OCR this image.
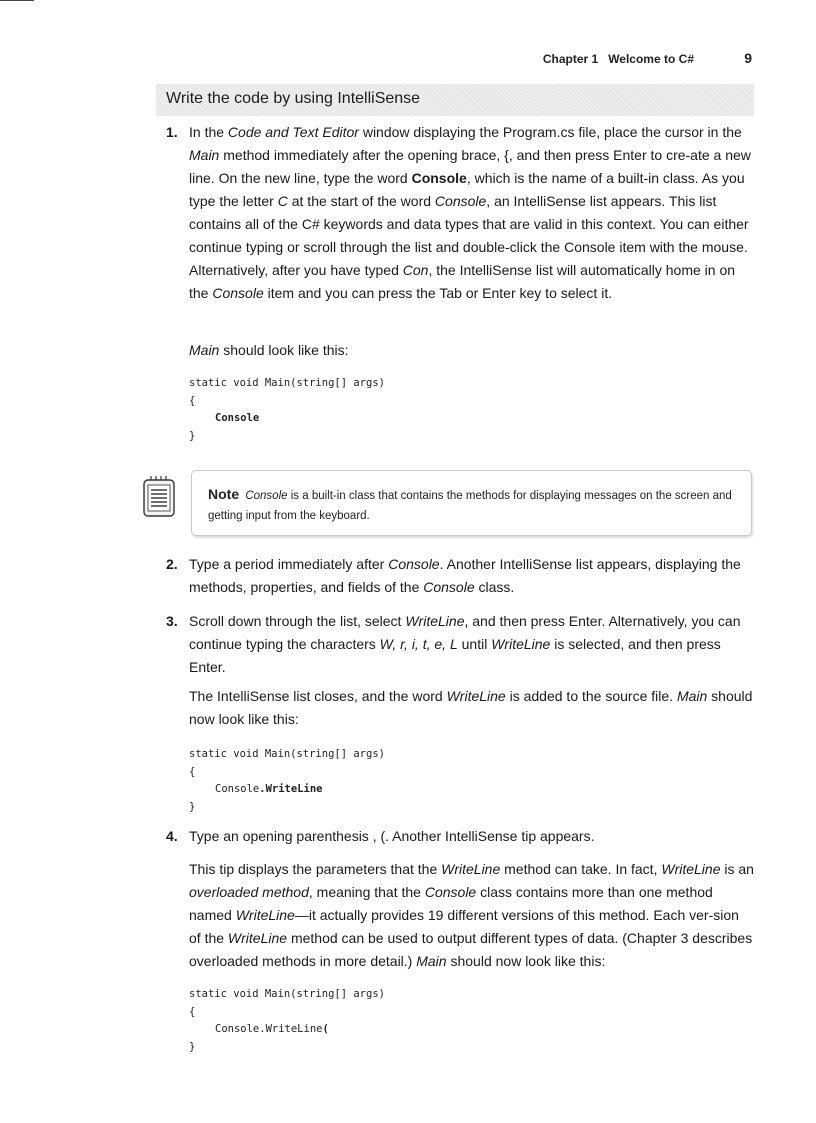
Chapter 1 Welcome to C#	9
Write the code by using IntelliSense
1. In the Code and Text Editor window displaying the Program.cs file, place the cursor in the Main method immediately after the opening brace, {, and then press Enter to cre-ate a new line. On the new line, type the word Console, which is the name of a built-in class. As you type the letter C at the start of the word Console, an IntelliSense list appears. This list contains all of the C# keywords and data types that are valid in this context. You can either continue typing or scroll through the list and double-click the Console item with the mouse. Alternatively, after you have typed Con, the IntelliSense list will automatically home in on the Console item and you can press the Tab or Enter key to select it.
Main should look like this:
static void Main(string[] args)
{
Console
}
Note Console is a built-in class that contains the methods for displaying messages on the screen and getting input from the keyboard.
2. Type a period immediately after Console. Another IntelliSense list appears, displaying the methods, properties, and fields of the Console class.
3. Scroll down through the list, select WriteLine, and then press Enter. Alternatively, you can continue typing the characters W, r, i, t, e, L until WriteLine is selected, and then press Enter.
The IntelliSense list closes, and the word WriteLine is added to the source file. Main should now look like this:
static void Main(string[] args)
{
Console.WriteLine
}
4. Type an opening parenthesis , (. Another IntelliSense tip appears.
This tip displays the parameters that the WriteLine method can take. In fact, WriteLine is an overloaded method, meaning that the Console class contains more than one method named WriteLine—it actually provides 19 different versions of this method. Each ver-sion of the WriteLine method can be used to output different types of data. (Chapter 3 describes overloaded methods in more detail.) Main should now look like this:
static void Main(string[] args)
{
Console.WriteLine(
}
